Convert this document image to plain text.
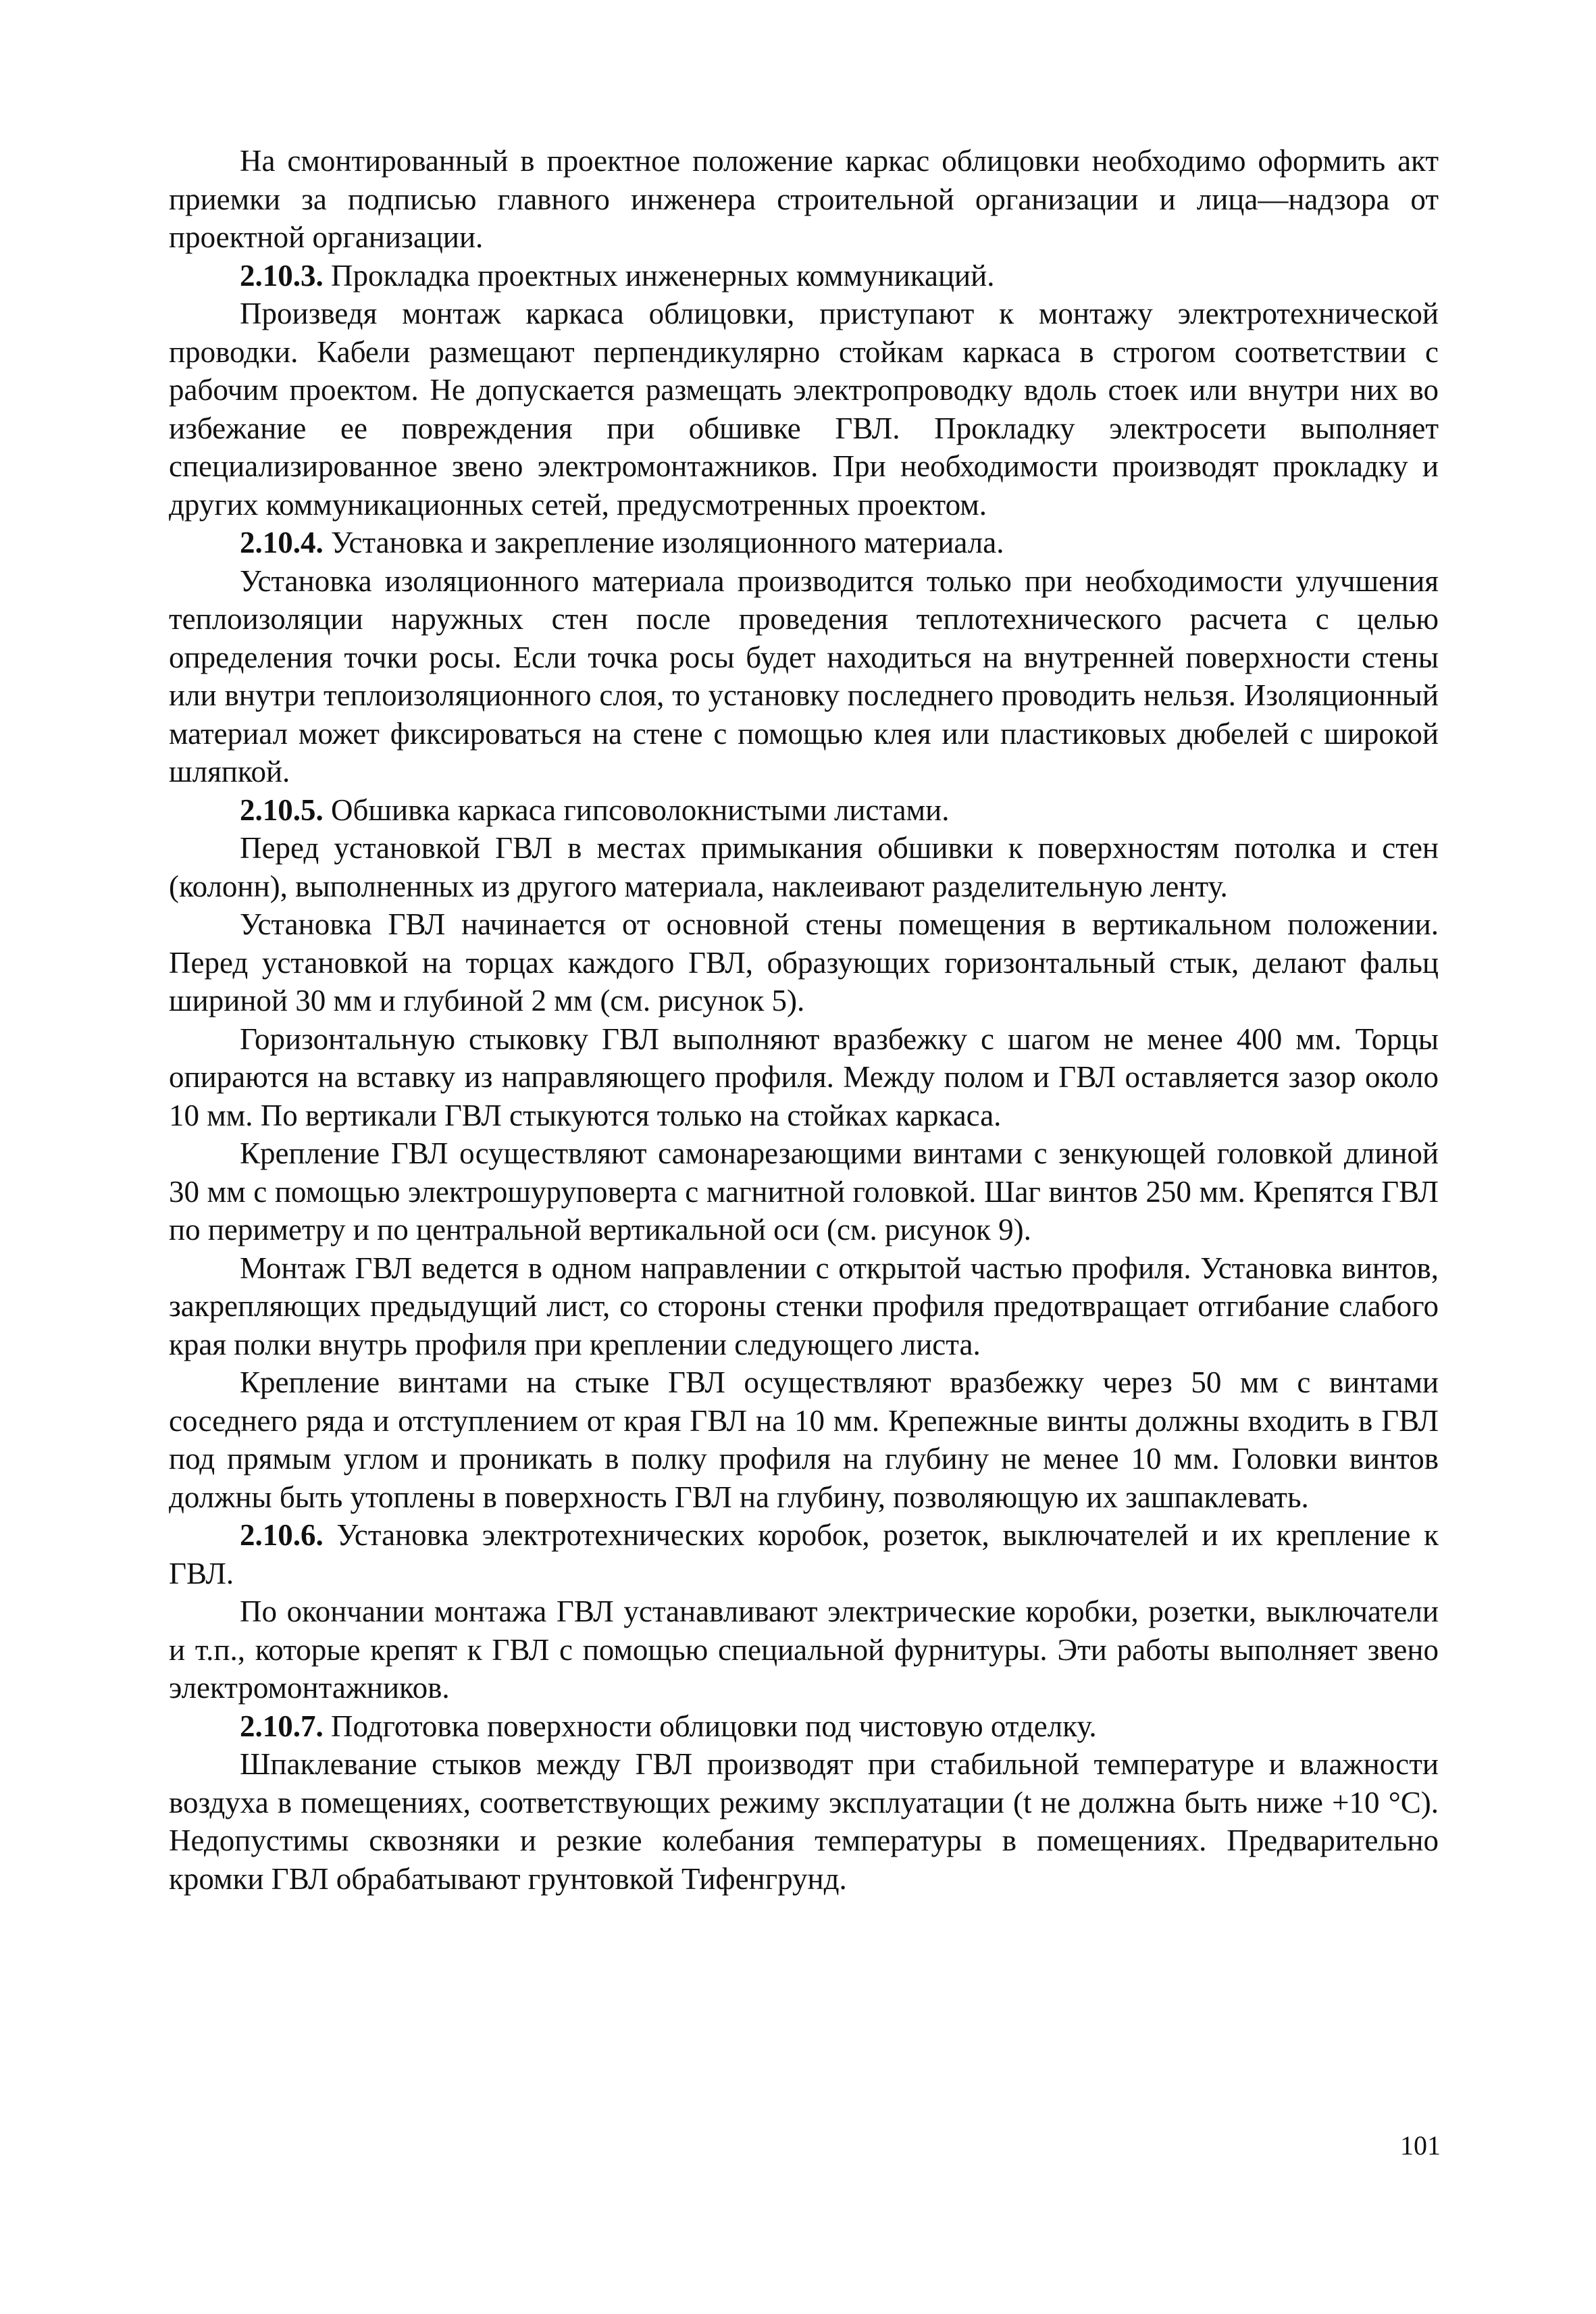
На смонтированный в проектное положение каркас облицовки необходимо оформить акт приемки за подписью главного инженера строительной организации и лица—надзора от проектной организации.

2.10.3. Прокладка проектных инженерных коммуникаций.

Произведя монтаж каркаса облицовки, приступают к монтажу электротехнической проводки. Кабели размещают перпендикулярно стойкам каркаса в строгом соответствии с рабочим проектом. Не допускается размещать электропроводку вдоль стоек или внутри них во избежание ее повреждения при обшивке ГВЛ. Прокладку электросети выполняет специализированное звено электромонтажников. При необходимости производят прокладку и других коммуникационных сетей, предусмотренных проектом.

2.10.4. Установка и закрепление изоляционного материала.

Установка изоляционного материала производится только при необходимости улучшения теплоизоляции наружных стен после проведения теплотехнического расчета с целью определения точки росы. Если точка росы будет находиться на внутренней поверхности стены или внутри теплоизоляционного слоя, то установку последнего проводить нельзя. Изоляционный материал может фиксироваться на стене с помощью клея или пластиковых дюбелей с широкой шляпкой.

2.10.5. Обшивка каркаса гипсоволокнистыми листами.

Перед установкой ГВЛ в местах примыкания обшивки к поверхностям потолка и стен (колонн), выполненных из другого материала, наклеивают разделительную ленту.

Установка ГВЛ начинается от основной стены помещения в вертикальном положении. Перед установкой на торцах каждого ГВЛ, образующих горизонтальный стык, делают фальц шириной 30 мм и глубиной 2 мм (см. рисунок 5).

Горизонтальную стыковку ГВЛ выполняют вразбежку с шагом не менее 400 мм. Торцы опираются на вставку из направляющего профиля. Между полом и ГВЛ оставляется зазор около 10 мм. По вертикали ГВЛ стыкуются только на стойках каркаса.

Крепление ГВЛ осуществляют самонарезающими винтами с зенкующей головкой длиной 30 мм с помощью электрошуруповерта с магнитной головкой. Шаг винтов 250 мм. Крепятся ГВЛ по периметру и по центральной вертикальной оси (см. рисунок 9).

Монтаж ГВЛ ведется в одном направлении с открытой частью профиля. Установка винтов, закрепляющих предыдущий лист, со стороны стенки профиля предотвращает отгибание слабого края полки внутрь профиля при креплении следующего листа.

Крепление винтами на стыке ГВЛ осуществляют вразбежку через 50 мм с винтами соседнего ряда и отступлением от края ГВЛ на 10 мм. Крепежные винты должны входить в ГВЛ под прямым углом и проникать в полку профиля на глубину не менее 10 мм. Головки винтов должны быть утоплены в поверхность ГВЛ на глубину, позволяющую их зашпаклевать.

2.10.6. Установка электротехнических коробок, розеток, выключателей и их крепление к ГВЛ.

По окончании монтажа ГВЛ устанавливают электрические коробки, розетки, выключатели и т.п., которые крепят к ГВЛ с помощью специальной фурнитуры. Эти работы выполняет звено электромонтажников.

2.10.7. Подготовка поверхности облицовки под чистовую отделку.

Шпаклевание стыков между ГВЛ производят при стабильной температуре и влажности воздуха в помещениях, соответствующих режиму эксплуатации (t не должна быть ниже +10 °С). Недопустимы сквозняки и резкие колебания температуры в помещениях. Предварительно кромки ГВЛ обрабатывают грунтовкой Тифенгрунд.

101
